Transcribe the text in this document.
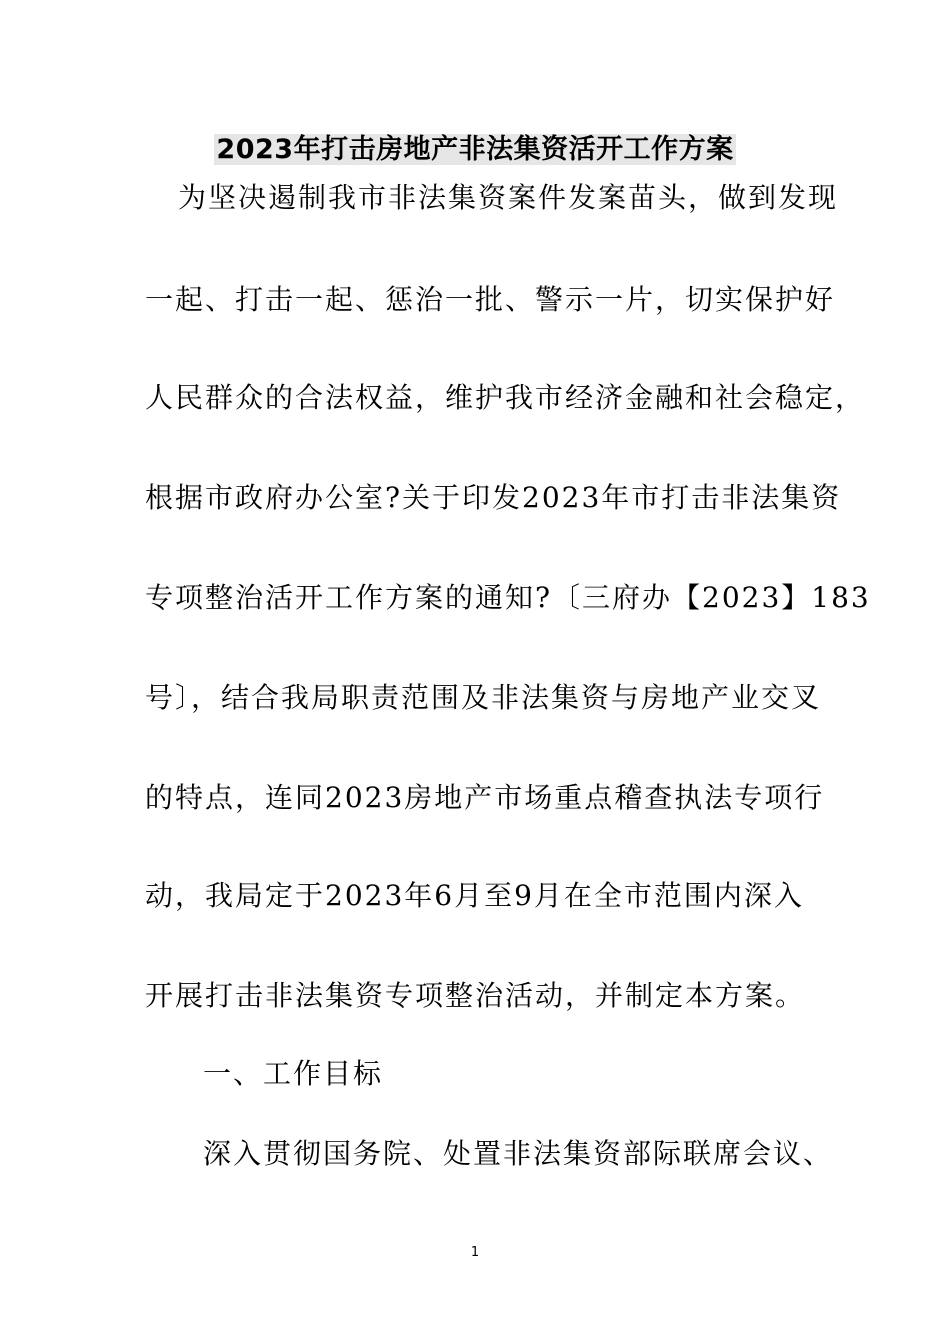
2023年打击房地产非法集资活开工作方案
为坚决遏制我市非法集资案件发案苗头，做到发现
一起、打击一起、惩治一批、警示一片，切实保护好
人民群众的合法权益，维护我市经济金融和社会稳定，
根据市政府办公室?关于印发2023年市打击非法集资
专项整治活开工作方案的通知?〔三府办【2023】183
号〕，结合我局职责范围及非法集资与房地产业交叉
的特点，连同2023房地产市场重点稽查执法专项行
动，我局定于2023年6月至9月在全市范围内深入
开展打击非法集资专项整治活动，并制定本方案。
一、工作目标
深入贯彻国务院、处置非法集资部际联席会议、
1
